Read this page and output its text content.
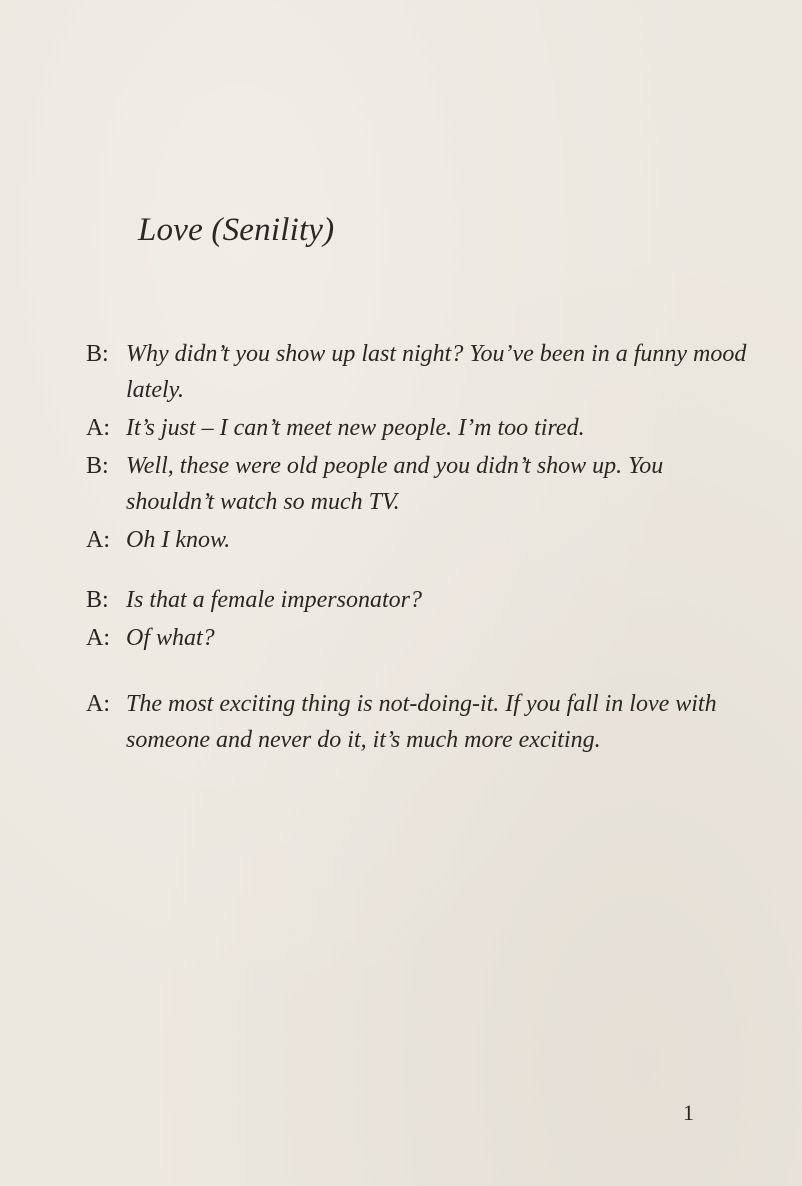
Love (Senility)
B: Why didn’t you show up last night? You’ve been in a funny mood lately.
A: It’s just – I can’t meet new people. I’m too tired.
B: Well, these were old people and you didn’t show up. You shouldn’t watch so much TV.
A: Oh I know.
B: Is that a female impersonator?
A: Of what?
A: The most exciting thing is not-doing-it. If you fall in love with someone and never do it, it’s much more exciting.
1
